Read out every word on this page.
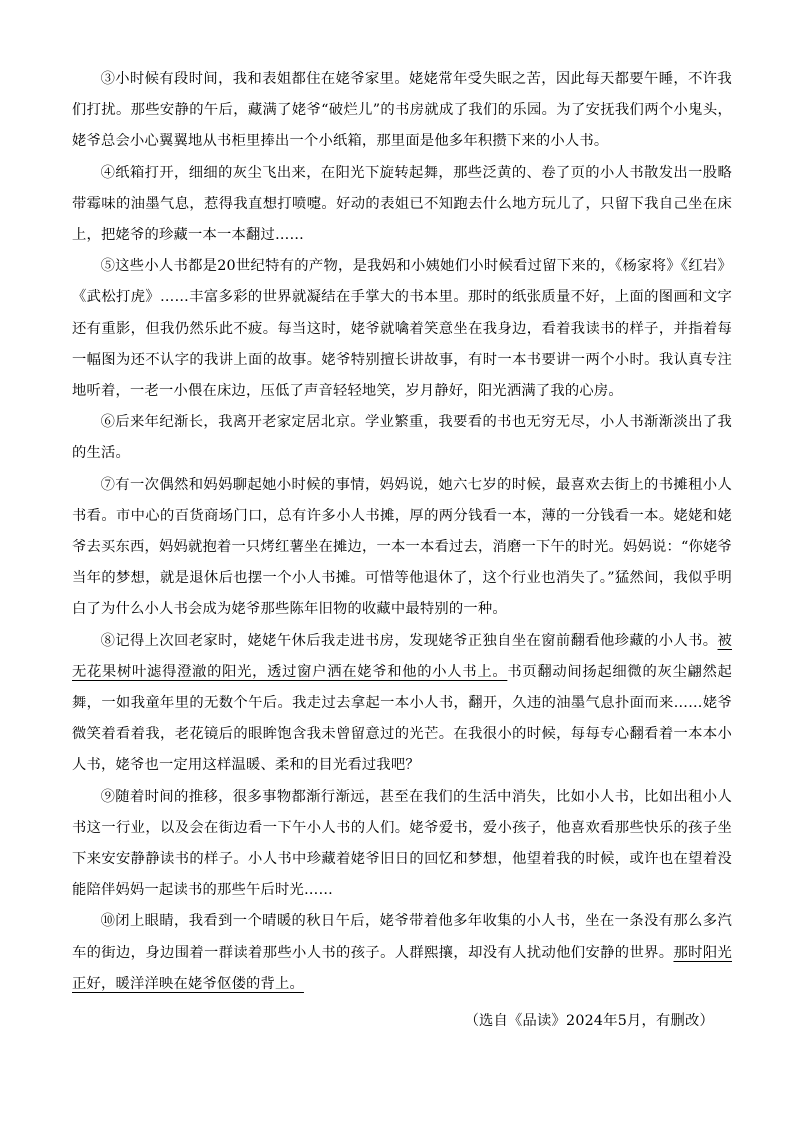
③小时候有段时间，我和表姐都住在姥爷家里。姥姥常年受失眠之苦，因此每天都要午睡，不许我们打扰。那些安静的午后，藏满了姥爷“破烂儿”的书房就成了我们的乐园。为了安抚我们两个小鬼头，姥爷总会小心翼翼地从书柜里捧出一个小纸箱，那里面是他多年积攒下来的小人书。

④纸箱打开，细细的灰尘飞出来，在阳光下旋转起舞，那些泛黄的、卷了页的小人书散发出一股略带霉味的油墨气息，惹得我直想打喷嚏。好动的表姐已不知跑去什么地方玩儿了，只留下我自己坐在床上，把姥爷的珍藏一本一本翻过……

⑤这些小人书都是20世纪特有的产物，是我妈和小姨她们小时候看过留下来的，《杨家将》《红岩》《武松打虎》……丰富多彩的世界就凝结在手掌大的书本里。那时的纸张质量不好，上面的图画和文字还有重影，但我仍然乐此不疲。每当这时，姥爷就噙着笑意坐在我身边，看着我读书的样子，并指着每一幅图为还不认字的我讲上面的故事。姥爷特别擅长讲故事，有时一本书要讲一两个小时。我认真专注地听着，一老一小偎在床边，压低了声音轻轻地笑，岁月静好，阳光洒满了我的心房。

⑥后来年纪渐长，我离开老家定居北京。学业繁重，我要看的书也无穷无尽，小人书渐渐淡出了我的生活。

⑦有一次偶然和妈妈聊起她小时候的事情，妈妈说，她六七岁的时候，最喜欢去街上的书摊租小人书看。市中心的百货商场门口，总有许多小人书摊，厚的两分钱看一本，薄的一分钱看一本。姥姥和姥爷去买东西，妈妈就抱着一只烤红薯坐在摊边，一本一本看过去，消磨一下午的时光。妈妈说：“你姥爷当年的梦想，就是退休后也摆一个小人书摊。可惜等他退休了，这个行业也消失了。”猛然间，我似乎明白了为什么小人书会成为姥爷那些陈年旧物的收藏中最特别的一种。

⑧记得上次回老家时，姥姥午休后我走进书房，发现姥爷正独自坐在窗前翻看他珍藏的小人书。被无花果树叶滤得澄澈的阳光，透过窗户洒在姥爷和他的小人书上。书页翻动间扬起细微的灰尘翩然起舞，一如我童年里的无数个午后。我走过去拿起一本小人书，翻开，久违的油墨气息扑面而来……姥爷微笑着看着我，老花镜后的眼眸饱含我未曾留意过的光芒。在我很小的时候，每每专心翻看着一本本小人书，姥爷也一定用这样温暖、柔和的目光看过我吧？

⑨随着时间的推移，很多事物都渐行渐远，甚至在我们的生活中消失，比如小人书，比如出租小人书这一行业，以及会在街边看一下午小人书的人们。姥爷爱书，爱小孩子，他喜欢看那些快乐的孩子坐下来安安静静读书的样子。小人书中珍藏着姥爷旧日的回忆和梦想，他望着我的时候，或许也在望着没能陪伴妈妈一起读书的那些午后时光……

⑩闭上眼睛，我看到一个晴暖的秋日午后，姥爷带着他多年收集的小人书，坐在一条没有那么多汽车的街边，身边围着一群读着那些小人书的孩子。人群熙攘，却没有人扰动他们安静的世界。那时阳光正好，暖洋洋映在姥爷伛偻的背上。

（选自《品读》2024年5月，有删改）
